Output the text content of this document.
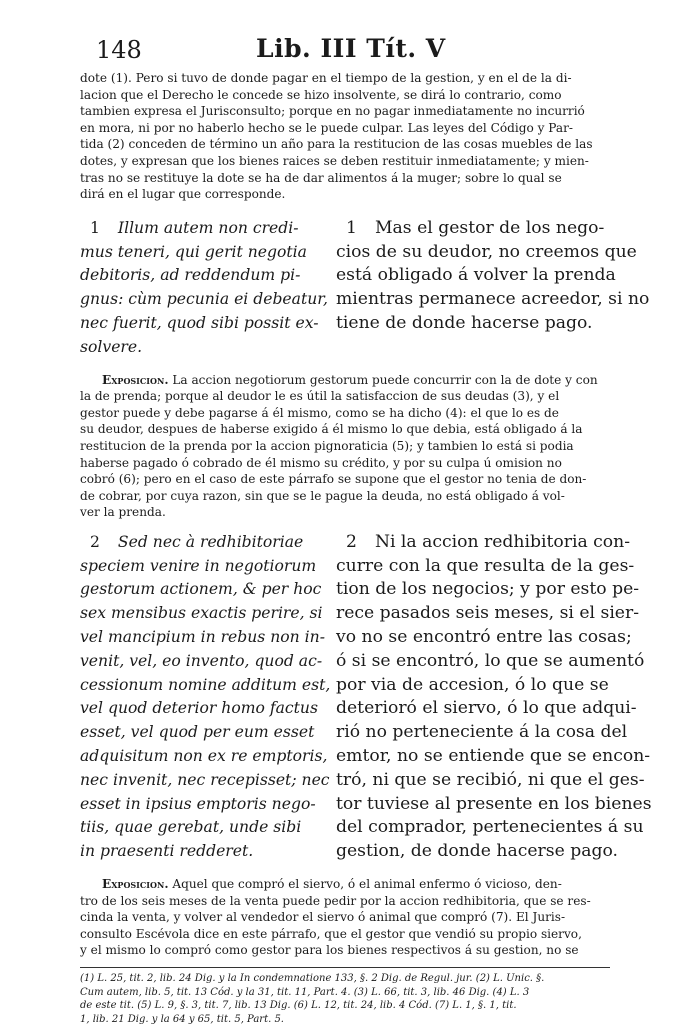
148	Lib. III Tít. V

dote (1). Pero si tuvo de donde pagar en el tiempo de la gestion, y en el de la di-
lacion que el Derecho le concede se hizo insolvente, se dirá lo contrario, como
tambien expresa el Jurisconsulto; porque en no pagar inmediatamente no incurrió
en mora, ni por no haberlo hecho se le puede culpar. Las leyes del Código y Par-
tida (2) conceden de término un año para la restitucion de las cosas muebles de las
dotes, y expresan que los bienes raices se deben restituir inmediatamente; y mien-
tras no se restituye la dote se ha de dar alimentos á la muger; sobre lo qual se
dirá en el lugar que corresponde.

1 Illum autem non credi-
mus teneri, qui gerit negotia
debitoris, ad reddendum pi-
gnus: cùm pecunia ei debeatur,
nec fuerit, quod sibi possit ex-
solvere.
1 Mas el gestor de los nego-
cios de su deudor, no creemos que
está obligado á volver la prenda
mientras permanece acreedor, si no
tiene de donde hacerse pago.

Exposicion. La accion negotiorum gestorum puede concurrir con la de dote y con
la de prenda; porque al deudor le es útil la satisfaccion de sus deudas (3), y el
gestor puede y debe pagarse á él mismo, como se ha dicho (4): el que lo es de
su deudor, despues de haberse exigido á él mismo lo que debia, está obligado á la
restitucion de la prenda por la accion pignoraticia (5); y tambien lo está si podia
haberse pagado ó cobrado de él mismo su crédito, y por su culpa ú omision no
cobró (6); pero en el caso de este párrafo se supone que el gestor no tenia de don-
de cobrar, por cuya razon, sin que se le pague la deuda, no está obligado á vol-
ver la prenda.

2 Sed nec à redhibitoriae
speciem venire in negotiorum
gestorum actionem, & per hoc
sex mensibus exactis perire, si
vel mancipium in rebus non in-
venit, vel, eo invento, quod ac-
cessionum nomine additum est,
vel quod deterior homo factus
esset, vel quod per eum esset
adquisitum non ex re emptoris,
nec invenit, nec recepisset; nec
esset in ipsius emptoris nego-
tiis, quae gerebat, unde sibi
in praesenti redderet.
2 Ni la accion redhibitoria con-
curre con la que resulta de la ges-
tion de los negocios; y por esto pe-
rece pasados seis meses, si el sier-
vo no se encontró entre las cosas;
ó si se encontró, lo que se aumentó
por via de accesion, ó lo que se
deterioró el siervo, ó lo que adqui-
rió no perteneciente á la cosa del
emtor, no se entiende que se encon-
tró, ni que se recibió, ni que el ges-
tor tuviese al presente en los bienes
del comprador, pertenecientes á su
gestion, de donde hacerse pago.

Exposicion. Aquel que compró el siervo, ó el animal enfermo ó vicioso, den-
tro de los seis meses de la venta puede pedir por la accion redhibitoria, que se res-
cinda la venta, y volver al vendedor el siervo ó animal que compró (7). El Juris-
consulto Escévola dice en este párrafo, que el gestor que vendió su propio siervo,
y el mismo lo compró como gestor para los bienes respectivos á su gestion, no se

(1) L. 25, tit. 2, lib. 24 Dig. y la In condemnatione 133, §. 2 Dig. de Regul. jur. (2) L. Unic. §.
Cum autem, lib. 5, tit. 13 Cód. y la 31, tit. 11, Part. 4. (3) L. 66, tit. 3, lib. 46 Dig. (4) L. 3
de este tit. (5) L. 9, §. 3, tit. 7, lib. 13 Dig. (6) L. 12, tit. 24, lib. 4 Cód. (7) L. 1, §. 1, tit.
1, lib. 21 Dig. y la 64 y 65, tit. 5, Part. 5.
